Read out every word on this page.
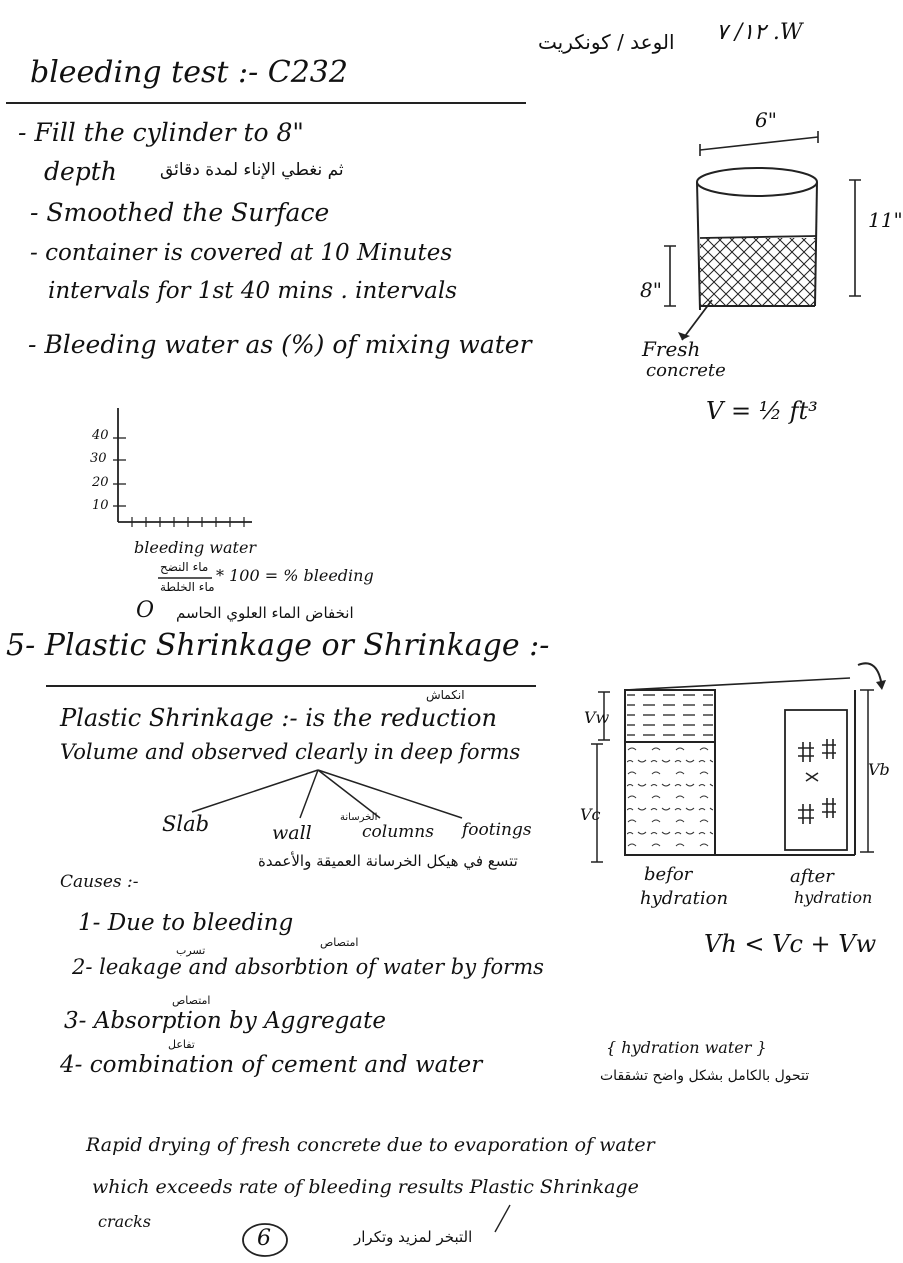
١٢/ ٧ .W
الوعد / كونكريت
bleeding test :- C232
- Fill the cylinder to 8"
depth	ثم نغطي الإناء لمدة دقائق
- Smoothed the Surface
- container is covered at 10 Minutes
intervals for 1st 40 mins . intervals
- Bleeding water as (%) of mixing water
6"
11"
8"
Fresh
concrete
V = ½ ft³
40
30
20
10
bleeding water
ماء النضح
ماء الخلطة
* 100 = % bleeding
O انخفاض الماء العلوي الحاسم
5- Plastic Shrinkage or Shrinkage :-
انكماش
Plastic Shrinkage :- is the reduction
Volume and observed clearly in deep forms
Slab	wall
الخرسانة
columns footings
تتسع في هيكل الخرسانة العميقة والأعمدة
Vw
Vc
Vb
befor
hydration
after
hydration
Vh < Vc + Vw
Causes :-
1- Due to bleeding
تسرب
امتصاص
2- leakage and absorbtion of water by forms
امتصاص
3- Absorption by Aggregate
تفاعل
4- combination of cement and water
{ hydration water }
تتحول بالكامل بشكل واضح تشققات
Rapid drying of fresh concrete due to evaporation of water
which exceeds rate of bleeding results Plastic Shrinkage
cracks
6	التبخر لمزيد وتكرار
